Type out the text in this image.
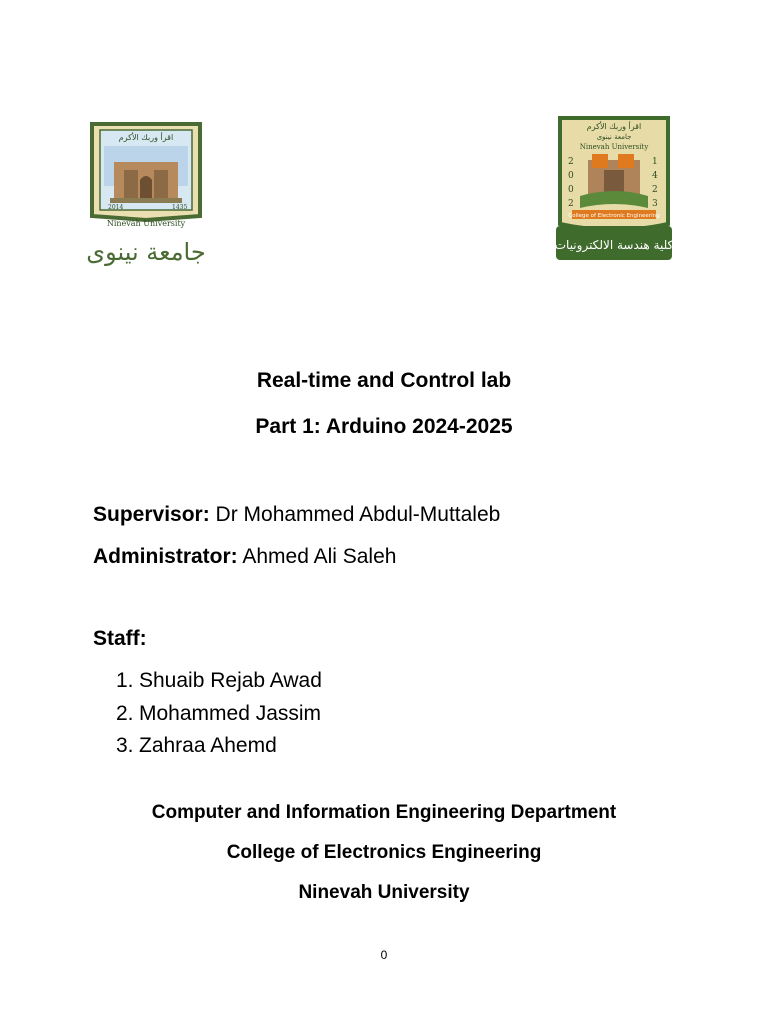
اقرأ وربك الأكرم
2014	1435
Ninevah University
جامعة نينوى
اقرأ وربك الأكرم
جامعة نينوى
Ninevah University
2
0
0
2
1
4
2
3
College of Electronic Engineering
كلية هندسة الالكترونيات
Real-time and Control lab
Part 1: Arduino 2024-2025
Supervisor: Dr Mohammed Abdul-Muttaleb
Administrator: Ahmed Ali Saleh
Staff:
1. Shuaib Rejab Awad
2. Mohammed Jassim
3. Zahraa Ahemd
Computer and Information Engineering Department
College of Electronics Engineering
Ninevah University
0
